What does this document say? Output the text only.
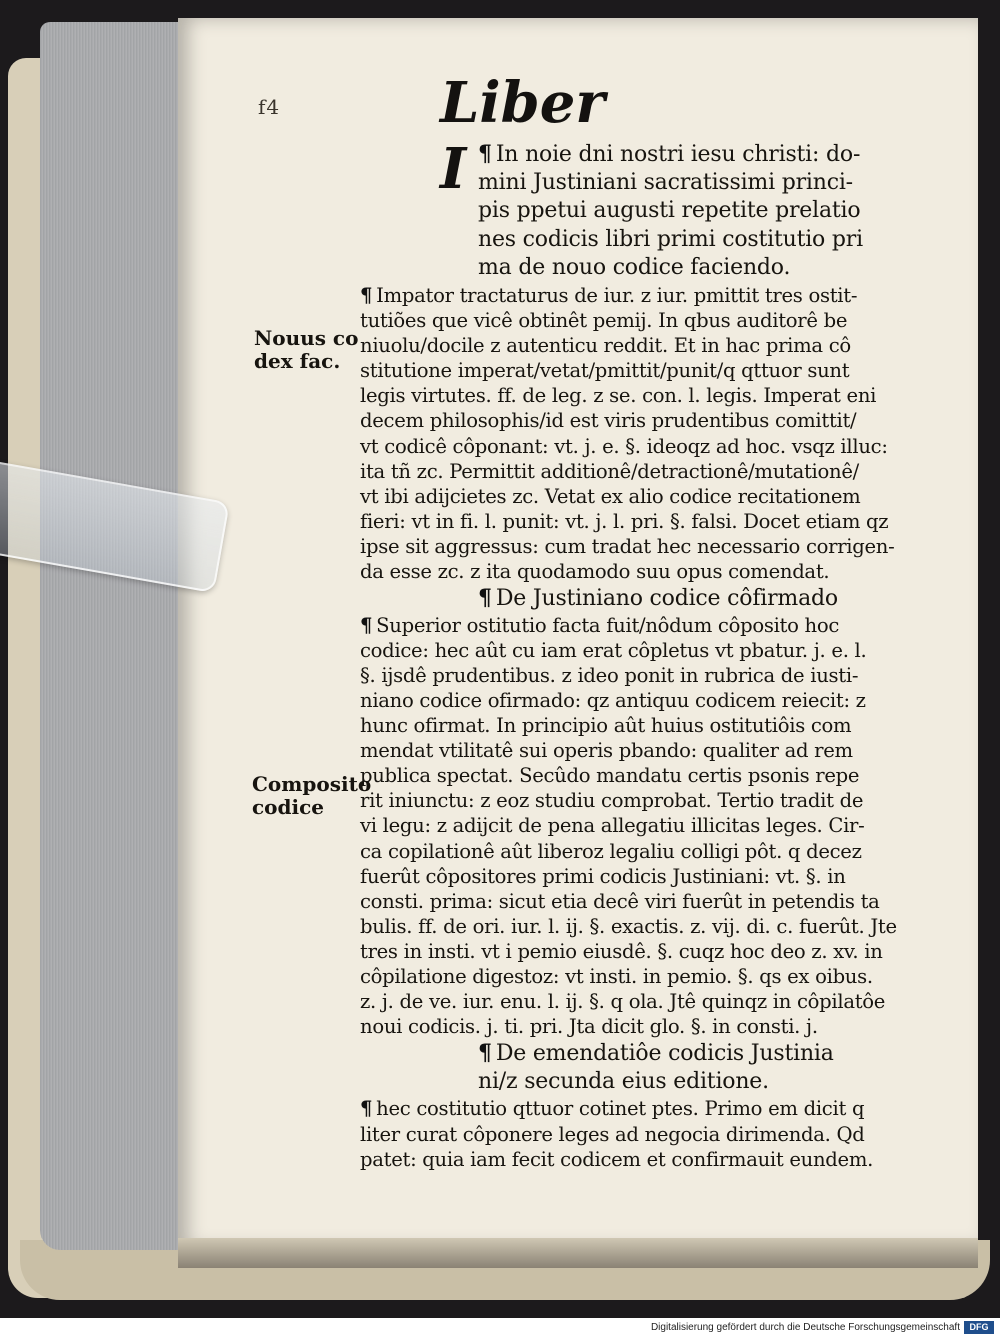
f4	Liber I ¶ In noie dni nostri iesu christi: do-
mini Justiniani sacratissimi princi-
pis ppetui augusti repetite prelatio
nes codicis libri primi costitutio pri
ma de nouo codice faciendo.
¶ Impator tractaturus de iur. z iur. pmittit tres ostit-
tutiões que vicê obtinêt pemij. In qbus auditorê be
niuolu/docile z autenticu reddit. Et in hac prima cô
stitutione imperat/vetat/pmittit/punit/q qttuor sunt
legis virtutes. ff. de leg. z se. con. l. legis. Imperat eni
decem philosophis/id est viris prudentibus comittit/
vt codicê côponant: vt. j. e. §. ideoqz ad hoc. vsqz illuc:
ita tñ zc. Permittit additionê/detractionê/mutationê/
vt ibi adijcietes zc. Vetat ex alio codice recitationem
fieri: vt in fi. l. punit: vt. j. l. pri. §. falsi. Docet etiam qz
ipse sit aggressus: cum tradat hec necessario corrigen-
da esse zc. z ita quodamodo suu opus comendat.
¶ De Justiniano codice côfirmado
¶ Superior ostitutio facta fuit/nôdum côposito hoc
codice: hec aût cu iam erat côpletus vt pbatur. j. e. l.
§. ijsdê prudentibus. z ideo ponit in rubrica de iusti-
niano codice ofirmado: qz antiquu codicem reiecit: z
hunc ofirmat. In principio aût huius ostitutiôis com
mendat vtilitatê sui operis pbando: qualiter ad rem
publica spectat. Secûdo mandatu certis psonis repe
rit iniunctu: z eoz studiu comprobat. Tertio tradit de
vi legu: z adijcit de pena allegatiu illicitas leges. Cir-
ca copilationê aût liberoz legaliu colligi pôt. q decez
fuerût côpositores primi codicis Justiniani: vt. §. in
consti. prima: sicut etia decê viri fuerût in petendis ta
bulis. ff. de ori. iur. l. ij. §. exactis. z. vij. di. c. fuerût. Jte
tres in insti. vt i pemio eiusdê. §. cuqz hoc deo z. xv. in
côpilatione digestoz: vt insti. in pemio. §. qs ex oibus.
z. j. de ve. iur. enu. l. ij. §. q ola. Jtê quinqz in côpilatôe
noui codicis. j. ti. pri. Jta dicit glo. §. in consti. j.
¶ De emendatiôe codicis Justinia
ni/z secunda eius editione.
¶ hec costitutio qttuor cotinet ptes. Primo em dicit q
liter curat côponere leges ad negocia dirimenda. Qd
patet: quia iam fecit codicem et confirmauit eundem.
Nouus co
dex fac.
Composito
codice
Digitalisierung gefördert durch die Deutsche Forschungsgemeinschaft	DFG
